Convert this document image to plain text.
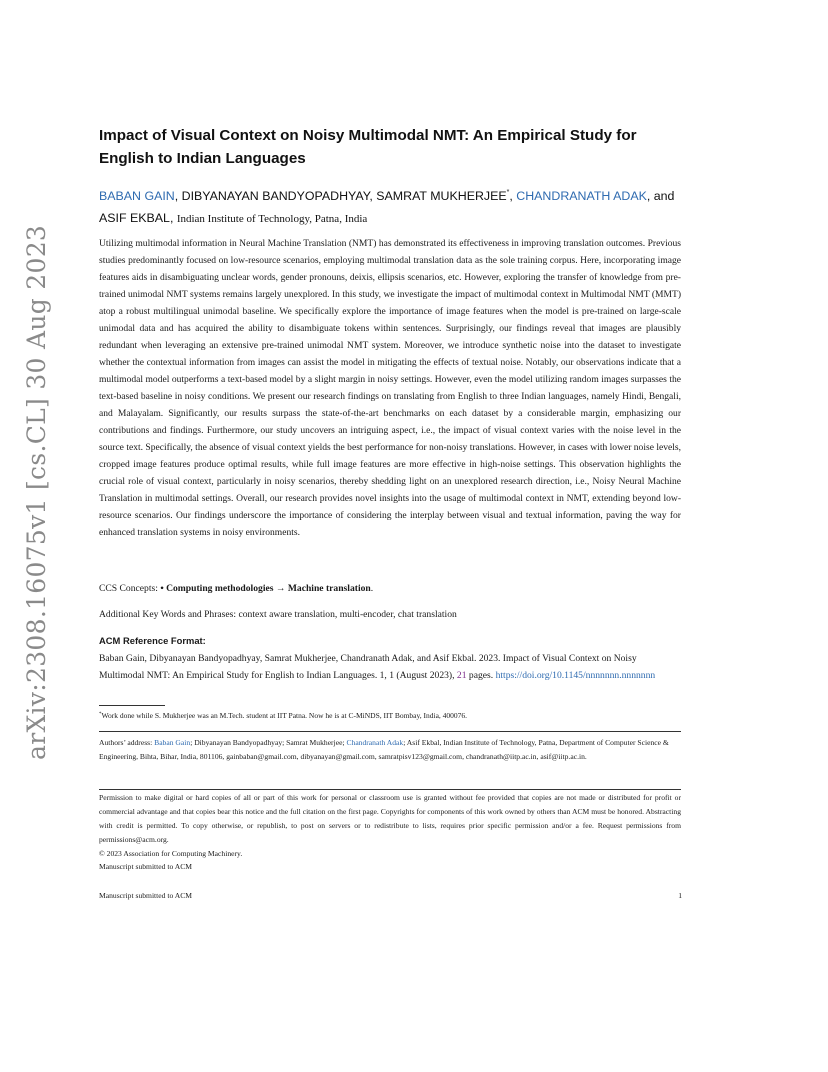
arXiv:2308.16075v1 [cs.CL] 30 Aug 2023
Impact of Visual Context on Noisy Multimodal NMT: An Empirical Study for English to Indian Languages
BABAN GAIN, DIBYANAYAN BANDYOPADHYAY, SAMRAT MUKHERJEE*, CHANDRANATH ADAK, and ASIF EKBAL, Indian Institute of Technology, Patna, India
Utilizing multimodal information in Neural Machine Translation (NMT) has demonstrated its effectiveness in improving translation outcomes. Previous studies predominantly focused on low-resource scenarios, employing multimodal translation data as the sole training corpus. Here, incorporating image features aids in disambiguating unclear words, gender pronouns, deixis, ellipsis scenarios, etc. However, exploring the transfer of knowledge from pre-trained unimodal NMT systems remains largely unexplored. In this study, we investigate the impact of multimodal context in Multimodal NMT (MMT) atop a robust multilingual unimodal baseline. We specifically explore the importance of image features when the model is pre-trained on large-scale unimodal data and has acquired the ability to disambiguate tokens within sentences. Surprisingly, our findings reveal that images are plausibly redundant when leveraging an extensive pre-trained unimodal NMT system. Moreover, we introduce synthetic noise into the dataset to investigate whether the contextual information from images can assist the model in mitigating the effects of textual noise. Notably, our observations indicate that a multimodal model outperforms a text-based model by a slight margin in noisy settings. However, even the model utilizing random images surpasses the text-based baseline in noisy conditions. We present our research findings on translating from English to three Indian languages, namely Hindi, Bengali, and Malayalam. Significantly, our results surpass the state-of-the-art benchmarks on each dataset by a considerable margin, emphasizing our contributions and findings. Furthermore, our study uncovers an intriguing aspect, i.e., the impact of visual context varies with the noise level in the source text. Specifically, the absence of visual context yields the best performance for non-noisy translations. However, in cases with lower noise levels, cropped image features produce optimal results, while full image features are more effective in high-noise settings. This observation highlights the crucial role of visual context, particularly in noisy scenarios, thereby shedding light on an unexplored research direction, i.e., Noisy Neural Machine Translation in multimodal settings. Overall, our research provides novel insights into the usage of multimodal context in NMT, extending beyond low-resource scenarios. Our findings underscore the importance of considering the interplay between visual and textual information, paving the way for enhanced translation systems in noisy environments.
CCS Concepts: • Computing methodologies → Machine translation.
Additional Key Words and Phrases: context aware translation, multi-encoder, chat translation
ACM Reference Format:
Baban Gain, Dibyanayan Bandyopadhyay, Samrat Mukherjee, Chandranath Adak, and Asif Ekbal. 2023. Impact of Visual Context on Noisy Multimodal NMT: An Empirical Study for English to Indian Languages. 1, 1 (August 2023), 21 pages. https://doi.org/10.1145/nnnnnnn.nnnnnnn
*Work done while S. Mukherjee was an M.Tech. student at IIT Patna. Now he is at C-MiNDS, IIT Bombay, India, 400076.
Authors’ address: Baban Gain; Dibyanayan Bandyopadhyay; Samrat Mukherjee; Chandranath Adak; Asif Ekbal, Indian Institute of Technology, Patna, Department of Computer Science & Engineering, Bihta, Bihar, India, 801106, gainbaban@gmail.com, dibyanayan@gmail.com, samratpisv123@gmail.com, chandranath@iitp.ac.in, asif@iitp.ac.in.
Permission to make digital or hard copies of all or part of this work for personal or classroom use is granted without fee provided that copies are not made or distributed for profit or commercial advantage and that copies bear this notice and the full citation on the first page. Copyrights for components of this work owned by others than ACM must be honored. Abstracting with credit is permitted. To copy otherwise, or republish, to post on servers or to redistribute to lists, requires prior specific permission and/or a fee. Request permissions from permissions@acm.org.
© 2023 Association for Computing Machinery.
Manuscript submitted to ACM
Manuscript submitted to ACM	1
